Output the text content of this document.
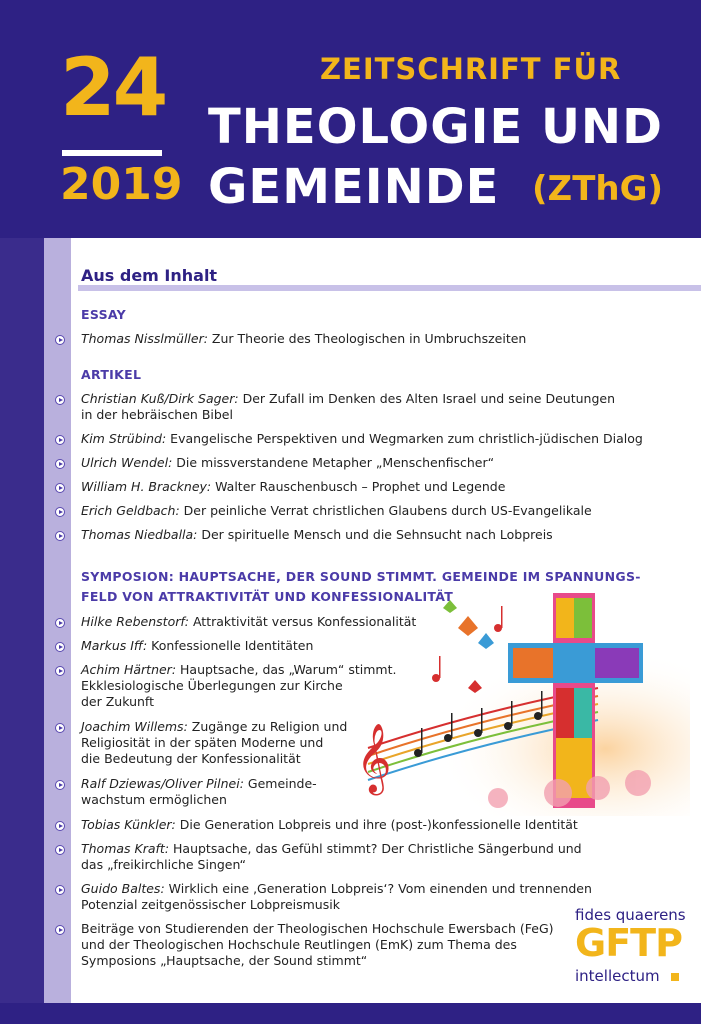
24
2019
ZEITSCHRIFT FÜR
THEOLOGIE UND
GEMEINDE (ZThG)
Aus dem Inhalt
ESSAY
ARTIKEL
SYMPOSION: HAUPTSACHE, DER SOUND STIMMT. GEMEINDE IM SPANNUNGS-
FELD VON ATTRAKTIVITÄT UND KONFESSIONALITÄT
𝄞
fides quaerens
GFTP
intellectum
Thomas Nisslmüller: Zur Theorie des Theologischen in Umbruchszeiten
Christian Kuß/Dirk Sager: Der Zufall im Denken des Alten Israel und seine Deutungen
in der hebräischen Bibel
Kim Strübind: Evangelische Perspektiven und Wegmarken zum christlich-jüdischen Dialog
Ulrich Wendel: Die missverstandene Metapher „Menschenfischer“
William H. Brackney: Walter Rauschenbusch – Prophet und Legende
Erich Geldbach: Der peinliche Verrat christlichen Glaubens durch US-Evangelikale
Thomas Niedballa: Der spirituelle Mensch und die Sehnsucht nach Lobpreis
Hilke Rebenstorf: Attraktivität versus Konfessionalität
Markus Iff: Konfessionelle Identitäten
Achim Härtner: Hauptsache, das „Warum“ stimmt.
Ekklesiologische Überlegungen zur Kirche
der Zukunft
Joachim Willems: Zugänge zu Religion und
Religiosität in der späten Moderne und
die Bedeutung der Konfessionalität
Ralf Dziewas/Oliver Pilnei: Gemeinde-
wachstum ermöglichen
Tobias Künkler: Die Generation Lobpreis und ihre (post-)konfessionelle Identität
Thomas Kraft: Hauptsache, das Gefühl stimmt? Der Christliche Sängerbund und
das „freikirchliche Singen“
Guido Baltes: Wirklich eine ‚Generation Lobpreis‘? Vom einenden und trennenden
Potenzial zeitgenössischer Lobpreismusik
Beiträge von Studierenden der Theologischen Hochschule Ewersbach (FeG)
und der Theologischen Hochschule Reutlingen (EmK) zum Thema des
Symposions „Hauptsache, der Sound stimmt“
